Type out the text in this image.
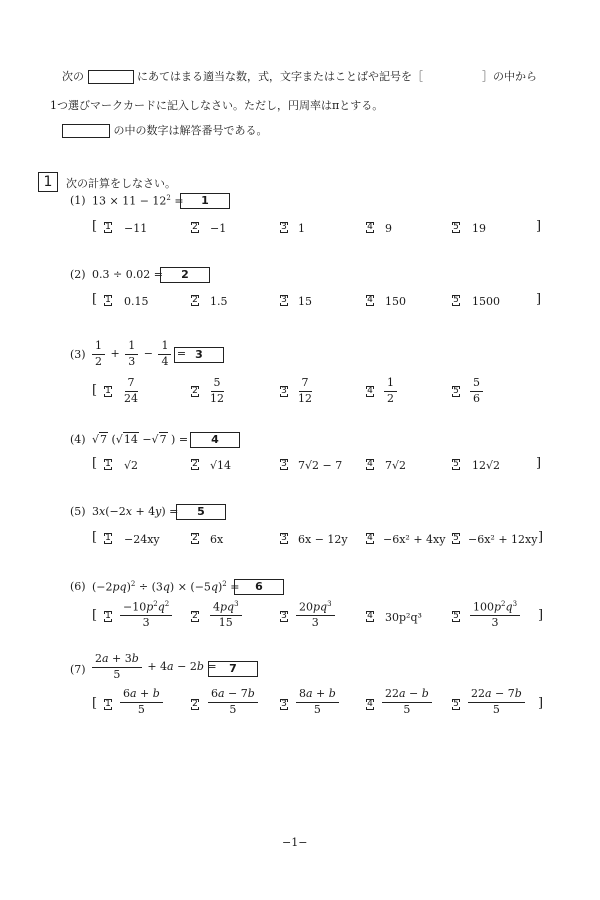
次の	にあてはまる適当な数，式，文字またはことばや記号を［	］の中から
1つ選びマークカードに記入しなさい。ただし，円周率はπとする。
の中の数字は解答番号である。
1	次の計算をしなさい。
(1) $13 \times 11 - 12^2$ =	1
[ 1 −11	2 −1	3 1	4 9	5 19	]
(2) 0.3 ÷ 0.02 =	2
[ 1 0.15	2 1.5	3 15	4 150	5 1500	]
$(3) \frac{1}{2} + \frac{1}{3} - \frac{1}{4} = 3$
[ $1 \frac{7}{24}$	$2 \frac{5}{12}$	$3 \frac{7}{12}$	$4 \frac{1}{2}$	$5 \frac{5}{6}$
(4) √7 (√14 −√7 ) =	4
[ 1 √2	2 √14	3 7√2 − 7	4 7√2	5 12√2	]
(5) 3x(−2x + 4y) =	5
[ 1 −24xy	2 6x	3 6x − 12y 4 −6x² + 4xy 5 −6x² + 12xy ]
(6) $(-2pq)^2 \div (3q) \times (-5q)^2$ =	6
[ $1 \frac{-10p^2q^2}{3} 2 \frac{4pq^3}{15}$	$3 \frac{20pq^3}{3}$	4 30p²q³	$5 \frac{100p^2q^3}{3}$ ]
$(7) \frac{2a + 3b}{5} + 4a - 2b$ =	7
[ $1 \frac{6a + b}{5}$	$2 \frac{6a - 7b}{5}$	$3 \frac{8a + b}{5}$	$4 \frac{22a - b}{5} 5 \frac{22a - 7b}{5}$ ]
−1−
